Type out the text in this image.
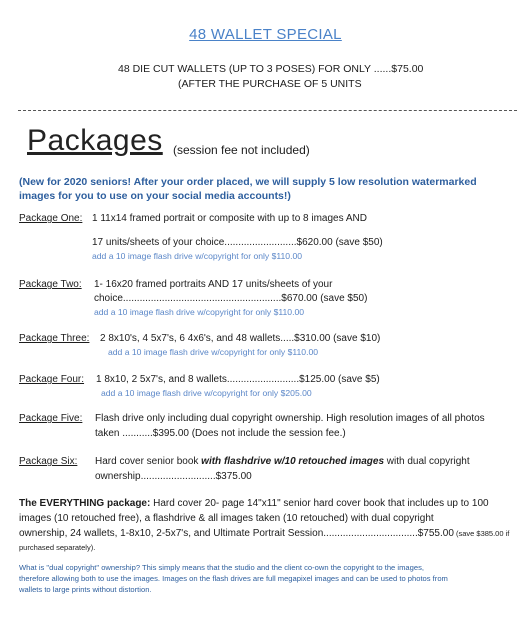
48 WALLET SPECIAL
48 DIE CUT WALLETS (UP TO 3 POSES) FOR ONLY ......$75.00
(AFTER THE PURCHASE OF 5 UNITS
Packages (session fee not included)
(New for 2020 seniors! After your order placed, we will supply 5 low resolution watermarked
images for you to use on your social media accounts!)
Package One: 1 11x14 framed portrait or composite with up to 8 images AND
17 units/sheets of your choice..........................$620.00 (save $50)
add a 10 image flash drive w/copyright for only $110.00
Package Two: 1- 16x20 framed portraits AND 17 units/sheets of your
choice.........................................................$670.00 (save $50)
add a 10 image flash drive w/copyright for only $110.00
Package Three: 2 8x10's, 4 5x7's, 6 4x6's, and 48 wallets.....$310.00 (save $10)
add a 10 image flash drive w/copyright for only $110.00
Package Four: 1 8x10, 2 5x7's, and 8 wallets..........................$125.00 (save $5)
add a 10 image flash drive w/copyright for only $205.00
Package Five: Flash drive only including dual copyright ownership. High resolution images of all photos
taken ...........$395.00 (Does not include the session fee.)
Package Six: Hard cover senior book with flashdrive w/10 retouched images with dual copyright
ownership...........................$375.00
The EVERYTHING package: Hard cover 20- page 14"x11" senior hard cover book that includes up to 100
images (10 retouched free), a flashdrive & all images taken (10 retouched) with dual copyright
ownership, 24 wallets, 1-8x10, 2-5x7's, and Ultimate Portrait Session..................................$755.00 (save $385.00 if
purchased separately).
What is "dual copyright" ownership? This simply means that the studio and the client co-own the copyright to the images,
therefore allowing both to use the images. Images on the flash drives are full megapixel images and can be used to photos from
wallets to large prints without distortion.
